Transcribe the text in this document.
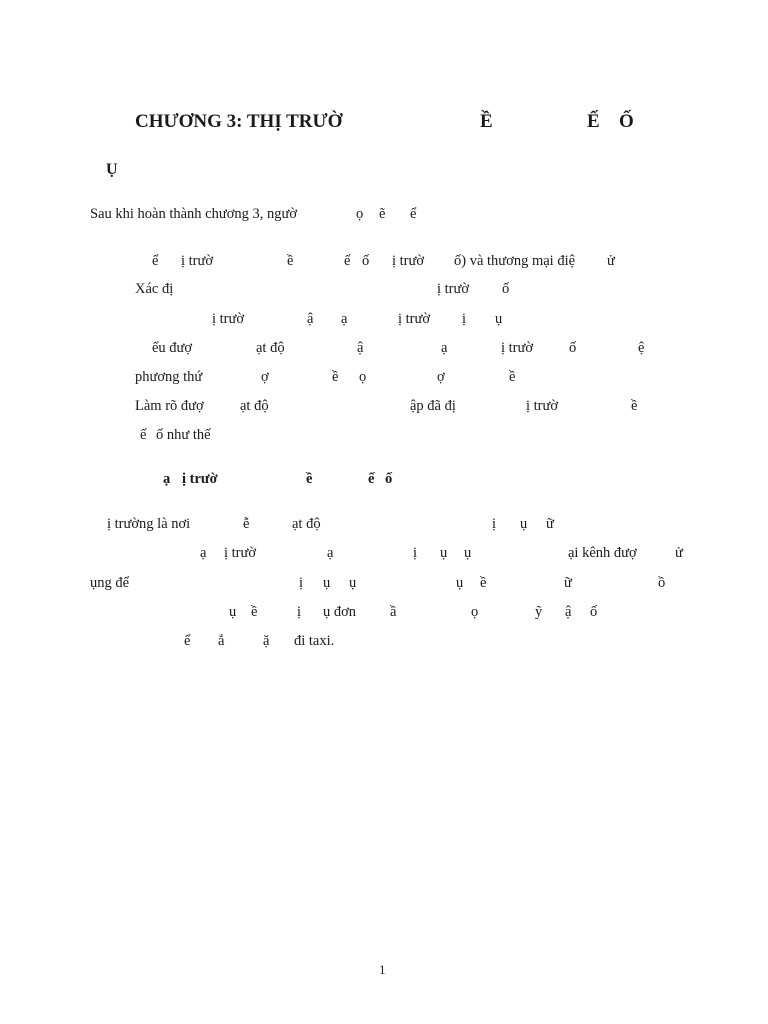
CHƯƠNG 3: THỊ TRƯỜ	Ề	Ế Ố
Ụ
Sau khi hoàn thành chương 3, ngườ	ọ ẽ ể
ể ị trườ	ề	ế ố ị trườ ố) và thương mại điệ ử
Xác đị	ị trườ ố
ị trườ	ậ ạ	ị trườ ị ụ
ểu đượ	ạt độ	ậ	ạ	ị trườ ố	ệ
phương thứ	ợ	ề ọ	ợ	ề
Làm rõ đượ	ạt độ	ập đã đị	ị trườ	ề
ế ố như thế
ạ ị trườ	ề	ế ố
ị trường là nơi	ễ	ạt độ	ị ụ ữ
ạ ị trườ	ạ	ị ụ ụ	ại kênh đượ	ử
ụng để	ị ụ ụ	ụ ề	ữ	ồ
ụ ề	ị ụ đơn ầ	ọ	ỹ ậ ố
ể ắ	ặ đi taxi.
1
